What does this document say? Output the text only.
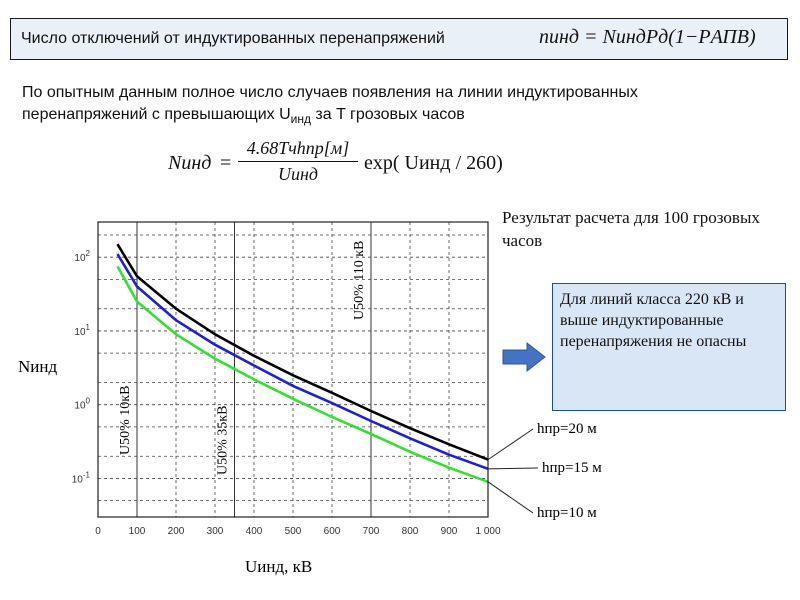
Число отключений от индуктированных перенапряжений	nинд = NиндPд(1−PАПВ)
По опытным данным полное число случаев появления на линии индуктированных
перенапряжений с превышающих $U_{инд}$ за T грозовых часов
Nинд =
4.68Tчhпр[м]
Uинд	exp( Uинд / 260)
Результат расчета для 100 грозовых часов
Для линий класса 220 кВ и выше индуктированные перенапряжения не опасны
0	100 200 300 400 500 600 700 800 900 1 000
$10^{-1}$
$10^0$
$10^1$
$10^2$
U50% 10кВ	U50% 35кВ
U50% 110 кВ
hпр=20 м
hпр=15 м
hпр=10 м
Nинд
Uинд, кВ
